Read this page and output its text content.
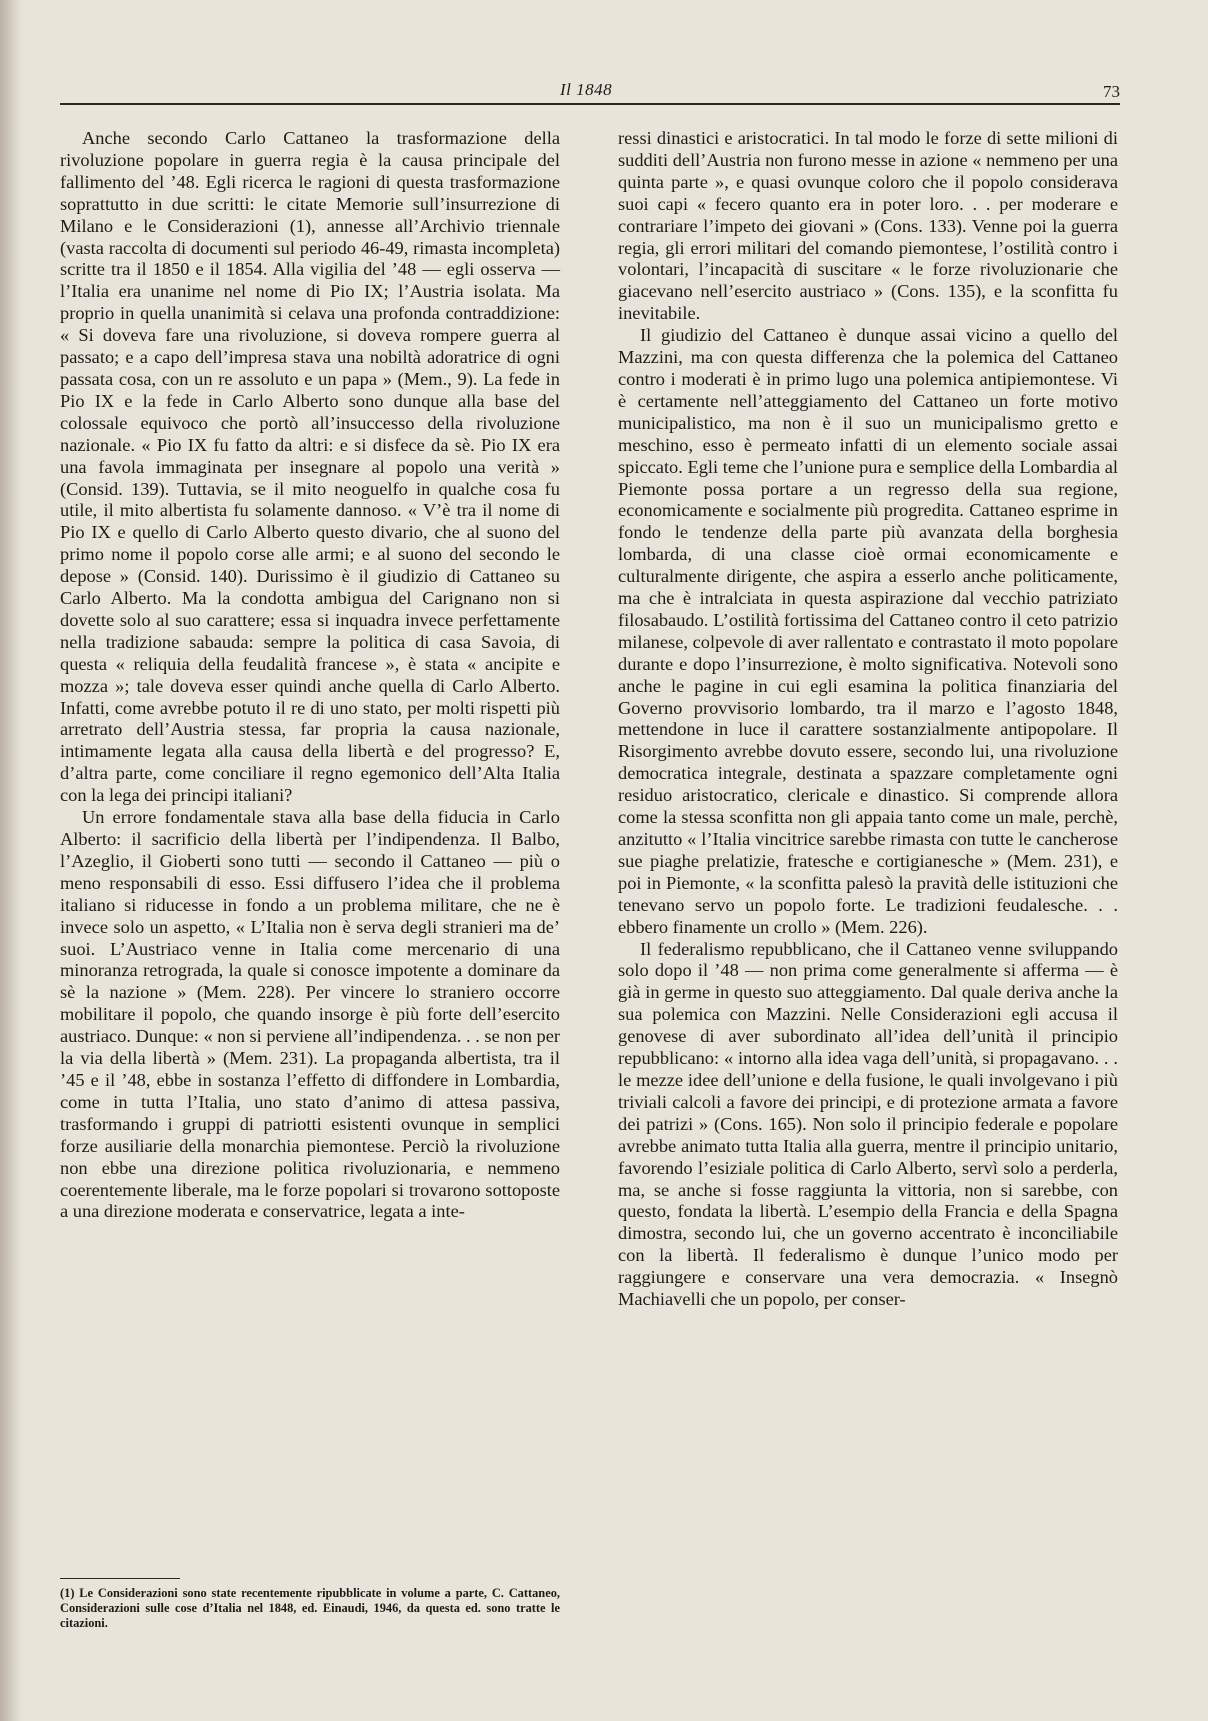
Il 1848	73

Anche secondo Carlo Cattaneo la trasformazione della rivoluzione popolare in guerra regia è la causa principale del fallimento del ’48. Egli ricerca le ragioni di questa trasformazione soprattutto in due scritti: le citate Memorie sull’insurrezione di Milano e le Considerazioni (1), annesse all’Archivio triennale (vasta raccolta di documenti sul periodo 46-49, rimasta incompleta) scritte tra il 1850 e il 1854. Alla vigilia del ’48 — egli osserva — l’Italia era unanime nel nome di Pio IX; l’Austria isolata. Ma proprio in quella unanimità si celava una profonda contraddizione: « Si doveva fare una rivoluzione, si doveva rompere guerra al passato; e a capo dell’impresa stava una nobiltà adoratrice di ogni passata cosa, con un re assoluto e un papa » (Mem., 9). La fede in Pio IX e la fede in Carlo Alberto sono dunque alla base del colossale equivoco che portò all’insuccesso della rivoluzione nazionale. « Pio IX fu fatto da altri: e si disfece da sè. Pio IX era una favola immaginata per insegnare al popolo una verità » (Consid. 139). Tuttavia, se il mito neoguelfo in qualche cosa fu utile, il mito albertista fu solamente dannoso. « V’è tra il nome di Pio IX e quello di Carlo Alberto questo divario, che al suono del primo nome il popolo corse alle armi; e al suono del secondo le depose » (Consid. 140). Durissimo è il giudizio di Cattaneo su Carlo Alberto. Ma la condotta ambigua del Carignano non si dovette solo al suo carattere; essa si inquadra invece perfettamente nella tradizione sabauda: sempre la politica di casa Savoia, di questa « reliquia della feudalità francese », è stata « ancipite e mozza »; tale doveva esser quindi anche quella di Carlo Alberto. Infatti, come avrebbe potuto il re di uno stato, per molti rispetti più arretrato dell’Austria stessa, far propria la causa nazionale, intimamente legata alla causa della libertà e del progresso? E, d’altra parte, come conciliare il regno egemonico dell’Alta Italia con la lega dei principi italiani?

Un errore fondamentale stava alla base della fiducia in Carlo Alberto: il sacrificio della libertà per l’indipendenza. Il Balbo, l’Azeglio, il Gioberti sono tutti — secondo il Cattaneo — più o meno responsabili di esso. Essi diffusero l’idea che il problema italiano si riducesse in fondo a un problema militare, che ne è invece solo un aspetto, « L’Italia non è serva degli stranieri ma de’ suoi. L’Austriaco venne in Italia come mercenario di una minoranza retrograda, la quale si conosce impotente a dominare da sè la nazione » (Mem. 228). Per vincere lo straniero occorre mobilitare il popolo, che quando insorge è più forte dell’esercito austriaco. Dunque: « non si perviene all’indipendenza. . . se non per la via della libertà » (Mem. 231). La propaganda albertista, tra il ’45 e il ’48, ebbe in sostanza l’effetto di diffondere in Lombardia, come in tutta l’Italia, uno stato d’animo di attesa passiva, trasformando i gruppi di patriotti esistenti ovunque in semplici forze ausiliarie della monarchia piemontese. Perciò la rivoluzione non ebbe una direzione politica rivoluzionaria, e nemmeno coerentemente liberale, ma le forze popolari si trovarono sottoposte a una direzione moderata e conservatrice, legata a inte-

ressi dinastici e aristocratici. In tal modo le forze di sette milioni di sudditi dell’Austria non furono messe in azione « nemmeno per una quinta parte », e quasi ovunque coloro che il popolo considerava suoi capi « fecero quanto era in poter loro. . . per moderare e contrariare l’impeto dei giovani » (Cons. 133). Venne poi la guerra regia, gli errori militari del comando piemontese, l’ostilità contro i volontari, l’incapacità di suscitare « le forze rivoluzionarie che giacevano nell’esercito austriaco » (Cons. 135), e la sconfitta fu inevitabile.

Il giudizio del Cattaneo è dunque assai vicino a quello del Mazzini, ma con questa differenza che la polemica del Cattaneo contro i moderati è in primo lugo una polemica antipiemontese. Vi è certamente nell’atteggiamento del Cattaneo un forte motivo municipalistico, ma non è il suo un municipalismo gretto e meschino, esso è permeato infatti di un elemento sociale assai spiccato. Egli teme che l’unione pura e semplice della Lombardia al Piemonte possa portare a un regresso della sua regione, economicamente e socialmente più progredita. Cattaneo esprime in fondo le tendenze della parte più avanzata della borghesia lombarda, di una classe cioè ormai economicamente e culturalmente dirigente, che aspira a esserlo anche politicamente, ma che è intralciata in questa aspirazione dal vecchio patriziato filosabaudo. L’ostilità fortissima del Cattaneo contro il ceto patrizio milanese, colpevole di aver rallentato e contrastato il moto popolare durante e dopo l’insurrezione, è molto significativa. Notevoli sono anche le pagine in cui egli esamina la politica finanziaria del Governo provvisorio lombardo, tra il marzo e l’agosto 1848, mettendone in luce il carattere sostanzialmente antipopolare. Il Risorgimento avrebbe dovuto essere, secondo lui, una rivoluzione democratica integrale, destinata a spazzare completamente ogni residuo aristocratico, clericale e dinastico. Si comprende allora come la stessa sconfitta non gli appaia tanto come un male, perchè, anzitutto « l’Italia vincitrice sarebbe rimasta con tutte le cancherose sue piaghe prelatizie, fratesche e cortigianesche » (Mem. 231), e poi in Piemonte, « la sconfitta palesò la pravità delle istituzioni che tenevano servo un popolo forte. Le tradizioni feudalesche. . . ebbero finamente un crollo » (Mem. 226).

Il federalismo repubblicano, che il Cattaneo venne sviluppando solo dopo il ’48 — non prima come generalmente si afferma — è già in germe in questo suo atteggiamento. Dal quale deriva anche la sua polemica con Mazzini. Nelle Considerazioni egli accusa il genovese di aver subordinato all’idea dell’unità il principio repubblicano: « intorno alla idea vaga dell’unità, si propagavano. . . le mezze idee dell’unione e della fusione, le quali involgevano i più triviali calcoli a favore dei principi, e di protezione armata a favore dei patrizi » (Cons. 165). Non solo il principio federale e popolare avrebbe animato tutta Italia alla guerra, mentre il principio unitario, favorendo l’esiziale politica di Carlo Alberto, servì solo a perderla, ma, se anche si fosse raggiunta la vittoria, non si sarebbe, con questo, fondata la libertà. L’esempio della Francia e della Spagna dimostra, secondo lui, che un governo accentrato è inconciliabile con la libertà. Il federalismo è dunque l’unico modo per raggiungere e conservare una vera democrazia. « Insegnò Machiavelli che un popolo, per conser-

(1) Le Considerazioni sono state recentemente ripubblicate in volume a parte, C. Cattaneo, Considerazioni sulle cose d’Italia nel 1848, ed. Einaudi, 1946, da questa ed. sono tratte le citazioni.
